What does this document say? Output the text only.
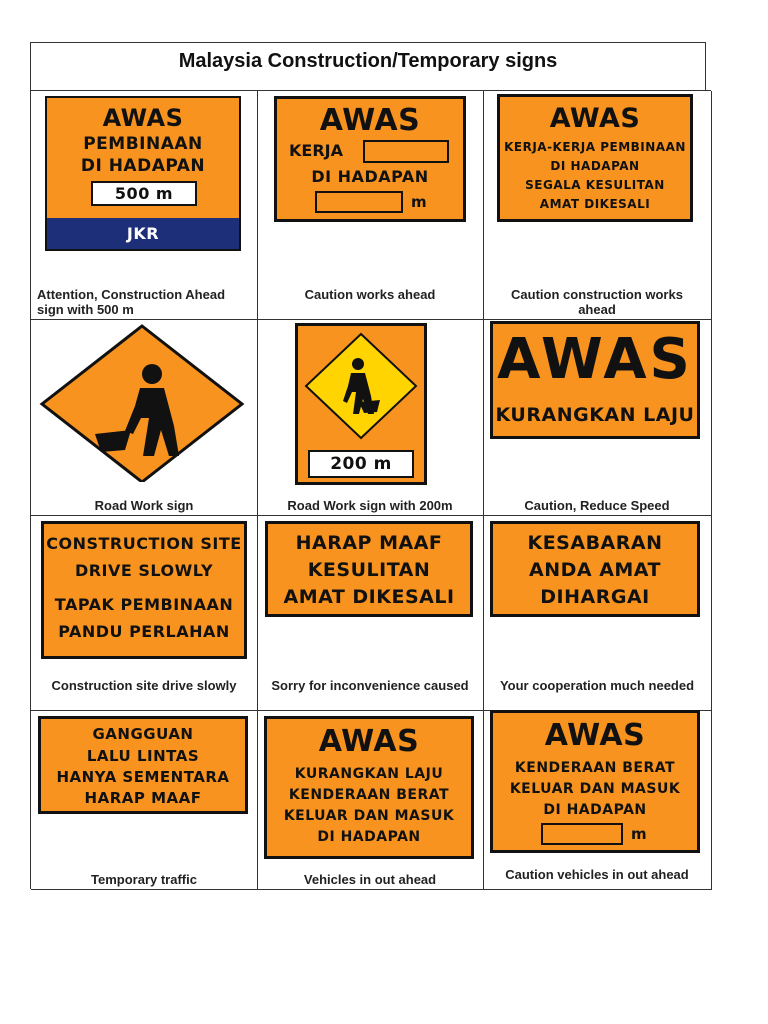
Malaysia Construction/Temporary signs
AWAS
PEMBINAAN
DI HADAPAN
500 m
JKR
Attention, Construction Ahead sign with 500 m
AWAS
KERJA
DI HADAPAN
m
Caution works ahead
AWAS
KERJA-KERJA PEMBINAAN
DI HADAPAN
SEGALA KESULITAN
AMAT DIKESALI
Caution construction works ahead
Road Work sign
200 m
Road Work sign with 200m
AWAS
KURANGKAN LAJU
Caution, Reduce Speed
CONSTRUCTION SITE
DRIVE SLOWLY
TAPAK PEMBINAAN
PANDU PERLAHAN
Construction site drive slowly
HARAP MAAF
KESULITAN
AMAT DIKESALI
Sorry for inconvenience caused
KESABARAN
ANDA AMAT
DIHARGAI
Your cooperation much needed
GANGGUAN
LALU LINTAS
HANYA SEMENTARA
HARAP MAAF
Temporary traffic
AWAS
KURANGKAN LAJU
KENDERAAN BERAT
KELUAR DAN MASUK
DI HADAPAN
Vehicles in out ahead
AWAS
KENDERAAN BERAT
KELUAR DAN MASUK
DI HADAPAN
m
Caution vehicles in out ahead
